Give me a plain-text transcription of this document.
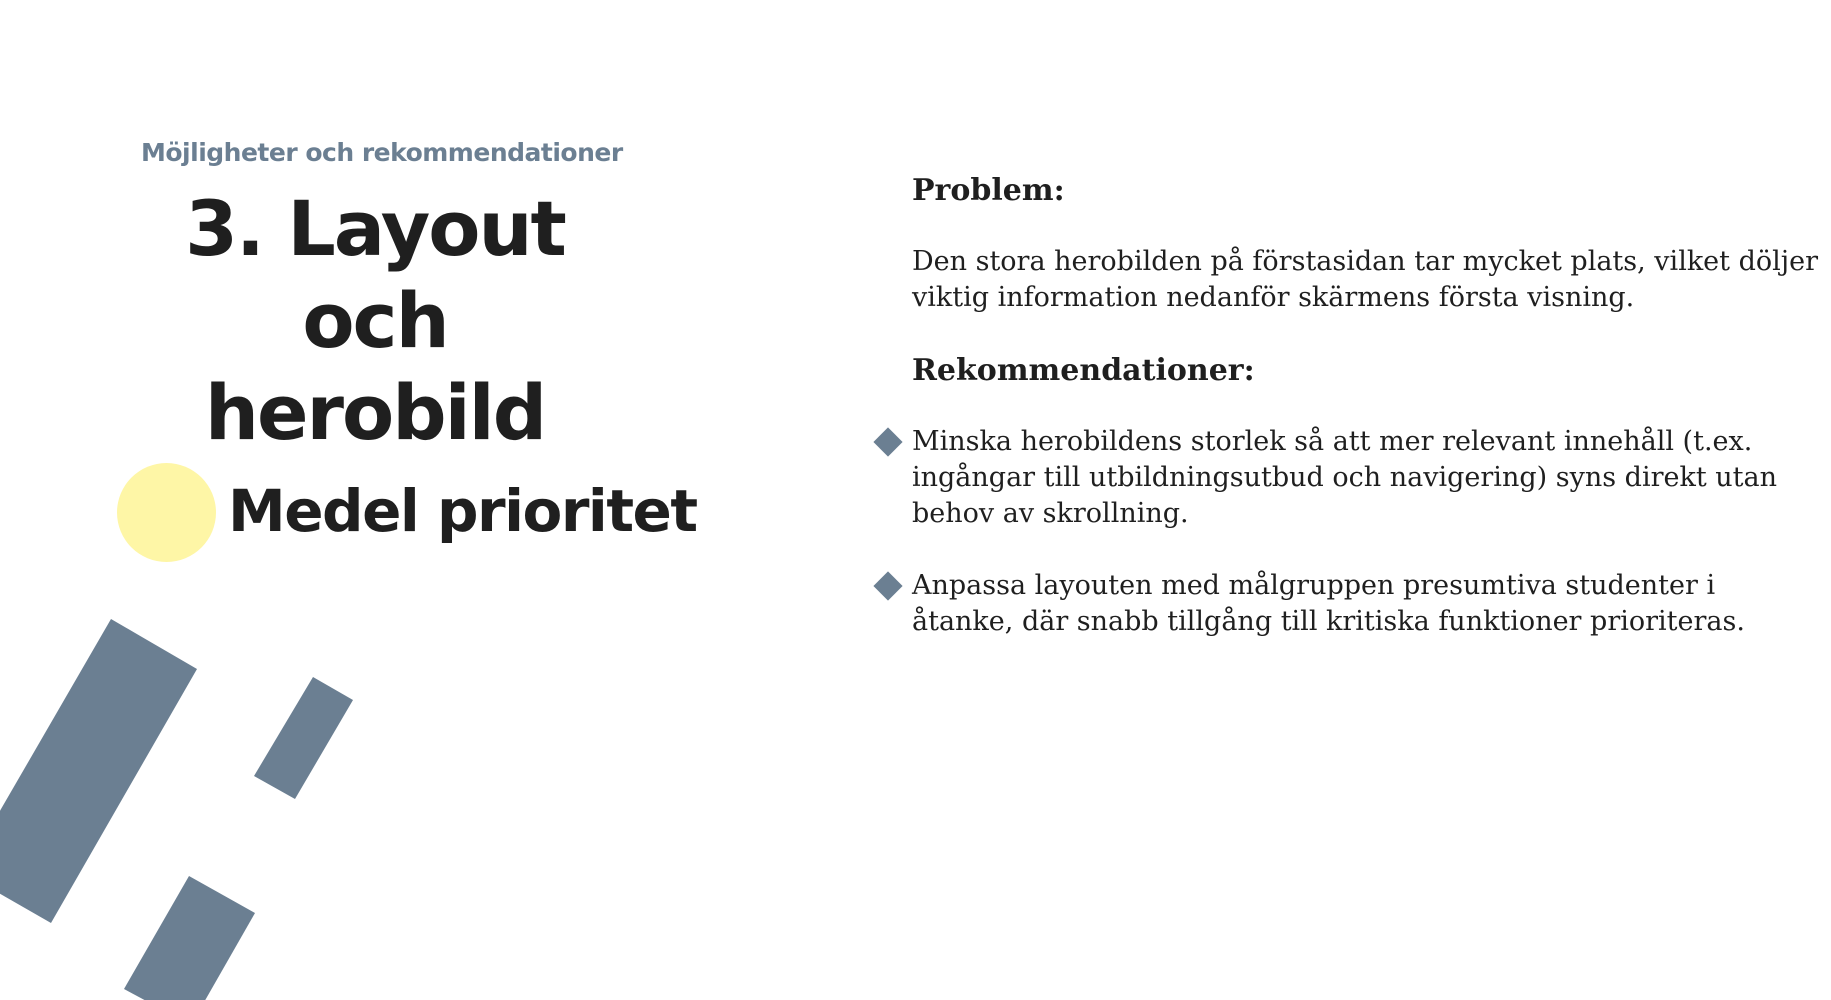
Möjligheter och rekommendationer
3. Layout och
herobild
Medel prioritet
Problem:

Den stora herobilden på förstasidan tar mycket plats, vilket döljer viktig information nedanför skärmens första visning.

Rekommendationer:
Minska herobildens storlek så att mer relevant innehåll (t.ex. ingångar till utbildningsutbud och navigering) syns direkt utan behov av skrollning.
Anpassa layouten med målgruppen presumtiva studenter i åtanke, där snabb tillgång till kritiska funktioner prioriteras.
